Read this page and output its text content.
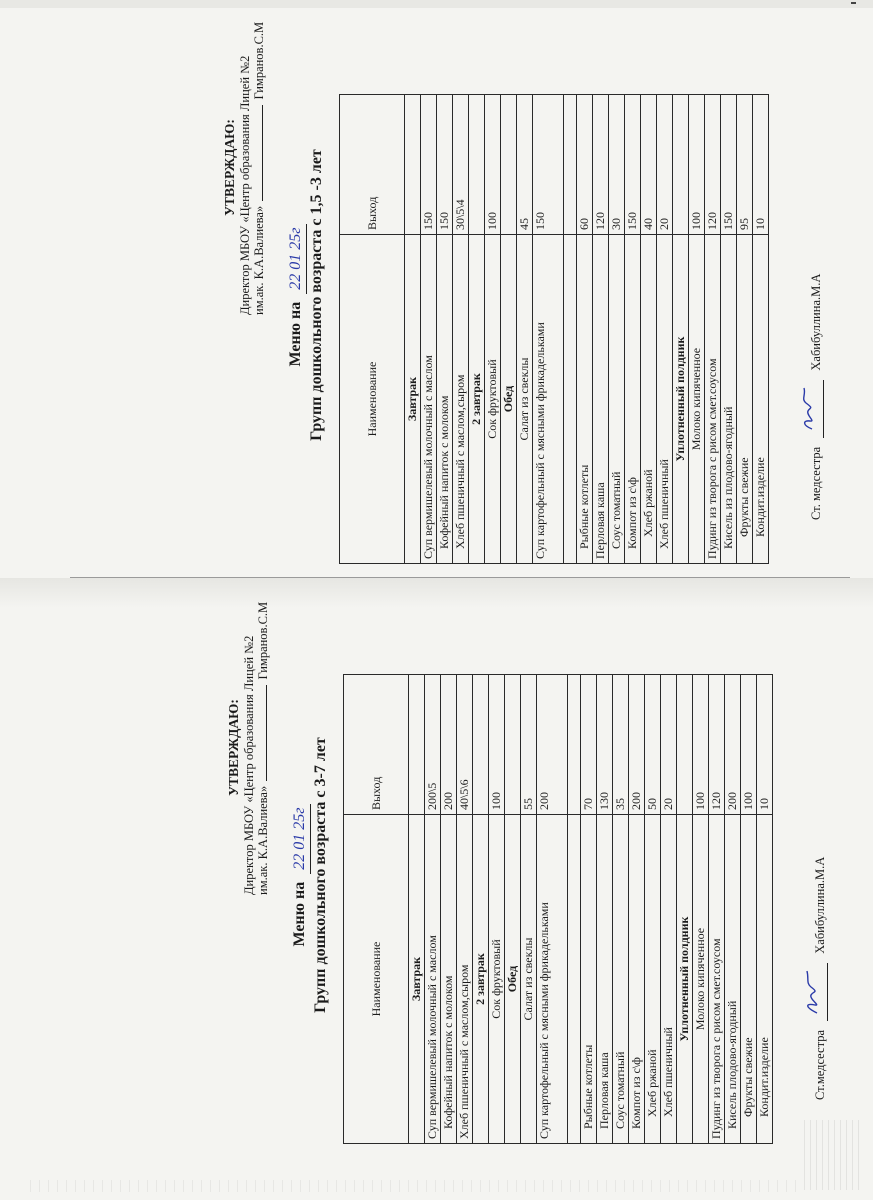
УТВЕРЖДАЮ: Директор МБОУ «Центр образования Лицей №2 им.ак. К.А.Валиева»  Гимранов.С.М
Меню на 22 01 25г Групп дошкольного возраста с 3-7 лет	Наименование	Выход
Завтрак	
Суп вермишелевый молочный с маслом	200\5
Кофейный напиток с молоком	200
Хлеб пшеничный с маслом,сыром	40\5\6
2 завтрак	
Сок фруктовый	100
Обед	
Салат из свеклы	55
Суп картофельный с мясными фрикадельками	200

Рыбные котлеты	70
Перловая каша	130
Соус томатный	35
Компот из с\ф	200
Хлеб ржаной	50
Хлеб пшеничный	20
Уплотненный полдник	
Молоко кипяченное	100
Пудинг из творога с рисом смет.соусом	120
Кисель плодово-ягодный	200
Фрукты свежие	100
Кондит.изделие	10
Ст.медсестра
Хабибуллина.М.А
УТВЕРЖДАЮ: Директор МБОУ «Центр образования Лицей №2 им.ак. К.А.Валиева»  Гимранов.С.М
Меню на 22 01 25г Групп дошкольного возраста с 1,5 -3 лет	Наименование	Выход
Завтрак	
Суп вермишелевый молочный с маслом	150
Кофейный напиток с молоком	150
Хлеб пшеничный с маслом,сыром	30\5\4
2 завтрак	
Сок фруктовый	100
Обед	
Салат из свеклы	45
Суп картофельный с мясными фрикадельками	150

Рыбные котлеты	60
Перловая каша	120
Соус томатный	30
Компот из с\ф	150
Хлеб ржаной	40
Хлеб пшеничный	20
Уплотненный полдник	
Молоко кипяченное	100
Пудинг из творога с рисом смет.соусом	120
Кисель из плодово-ягодный	150
Фрукты свежие	95
Кондит.изделие	10
Ст. медсестра
Хабибуллина.М.А
